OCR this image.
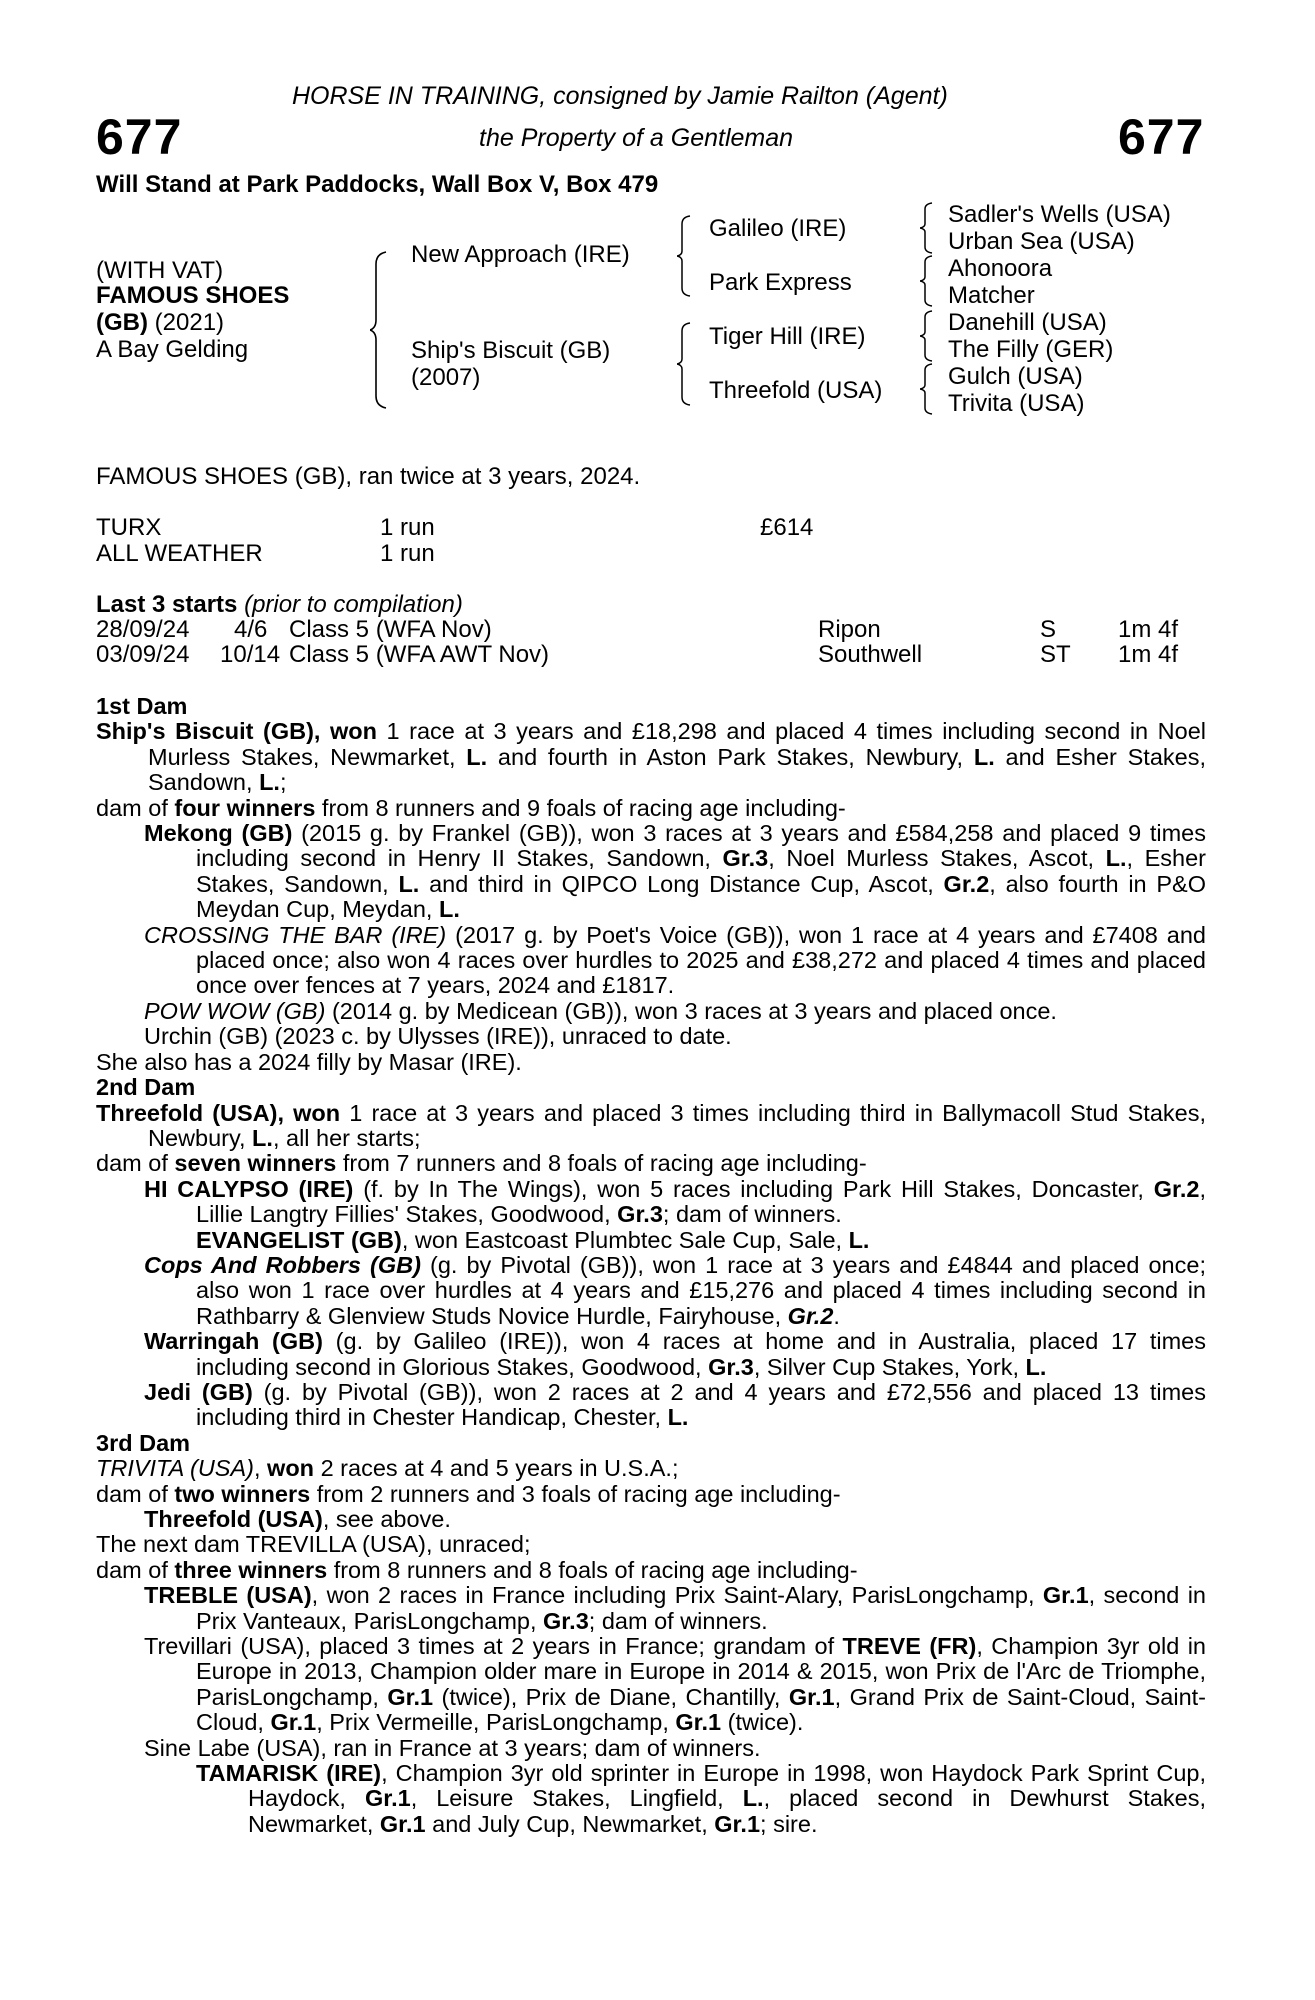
677	677
HORSE IN TRAINING, consigned by Jamie Railton (Agent)
the Property of a Gentleman
Will Stand at Park Paddocks, Wall Box V, Box 479
(WITH VAT)
FAMOUS SHOES
(GB) (2021)
A Bay Gelding
New Approach (IRE)
Ship's Biscuit (GB)
(2007)
Galileo (IRE)
Park Express
Tiger Hill (IRE)
Threefold (USA)
Sadler's Wells (USA)
Urban Sea (USA)
Ahonoora
Matcher
Danehill (USA)
The Filly (GER)
Gulch (USA)
Trivita (USA)
FAMOUS SHOES (GB), ran twice at 3 years, 2024.
TURX	1 run	£614
ALL WEATHER	1 run
Last 3 starts (prior to compilation)
28/09/24 4/6 Class 5 (WFA Nov)	Ripon	S	1m 4f
03/09/24 10/14 Class 5 (WFA AWT Nov)	Southwell	ST 1m 4f

1st Dam

Ship's Biscuit (GB), won 1 race at 3 years and £18,298 and placed 4 times including second in Noel Murless Stakes, Newmarket, L. and fourth in Aston Park Stakes, Newbury, L. and Esher Stakes, Sandown, L.;

dam of four winners from 8 runners and 9 foals of racing age including-

Mekong (GB) (2015 g. by Frankel (GB)), won 3 races at 3 years and £584,258 and placed 9 times including second in Henry II Stakes, Sandown, Gr.3, Noel Murless Stakes, Ascot, L., Esher Stakes, Sandown, L. and third in QIPCO Long Distance Cup, Ascot, Gr.2, also fourth in P&O Meydan Cup, Meydan, L.

CROSSING THE BAR (IRE) (2017 g. by Poet's Voice (GB)), won 1 race at 4 years and £7408 and placed once; also won 4 races over hurdles to 2025 and £38,272 and placed 4 times and placed once over fences at 7 years, 2024 and £1817.

POW WOW (GB) (2014 g. by Medicean (GB)), won 3 races at 3 years and placed once.

Urchin (GB) (2023 c. by Ulysses (IRE)), unraced to date.

She also has a 2024 filly by Masar (IRE).

2nd Dam

Threefold (USA), won 1 race at 3 years and placed 3 times including third in Ballymacoll Stud Stakes, Newbury, L., all her starts;

dam of seven winners from 7 runners and 8 foals of racing age including-

HI CALYPSO (IRE) (f. by In The Wings), won 5 races including Park Hill Stakes, Doncaster, Gr.2, Lillie Langtry Fillies' Stakes, Goodwood, Gr.3; dam of winners.

EVANGELIST (GB), won Eastcoast Plumbtec Sale Cup, Sale, L.

Cops And Robbers (GB) (g. by Pivotal (GB)), won 1 race at 3 years and £4844 and placed once; also won 1 race over hurdles at 4 years and £15,276 and placed 4 times including second in Rathbarry & Glenview Studs Novice Hurdle, Fairyhouse, Gr.2.

Warringah (GB) (g. by Galileo (IRE)), won 4 races at home and in Australia, placed 17 times including second in Glorious Stakes, Goodwood, Gr.3, Silver Cup Stakes, York, L.

Jedi (GB) (g. by Pivotal (GB)), won 2 races at 2 and 4 years and £72,556 and placed 13 times including third in Chester Handicap, Chester, L.

3rd Dam

TRIVITA (USA), won 2 races at 4 and 5 years in U.S.A.;

dam of two winners from 2 runners and 3 foals of racing age including-

Threefold (USA), see above.

The next dam TREVILLA (USA), unraced;

dam of three winners from 8 runners and 8 foals of racing age including-

TREBLE (USA), won 2 races in France including Prix Saint-Alary, ParisLongchamp, Gr.1, second in Prix Vanteaux, ParisLongchamp, Gr.3; dam of winners.

Trevillari (USA), placed 3 times at 2 years in France; grandam of TREVE (FR), Champion 3yr old in Europe in 2013, Champion older mare in Europe in 2014 & 2015, won Prix de l'Arc de Triomphe, ParisLongchamp, Gr.1 (twice), Prix de Diane, Chantilly, Gr.1, Grand Prix de Saint-Cloud, Saint-Cloud, Gr.1, Prix Vermeille, ParisLongchamp, Gr.1 (twice).

Sine Labe (USA), ran in France at 3 years; dam of winners.

TAMARISK (IRE), Champion 3yr old sprinter in Europe in 1998, won Haydock Park Sprint Cup, Haydock, Gr.1, Leisure Stakes, Lingfield, L., placed second in Dewhurst Stakes, Newmarket, Gr.1 and July Cup, Newmarket, Gr.1; sire.
